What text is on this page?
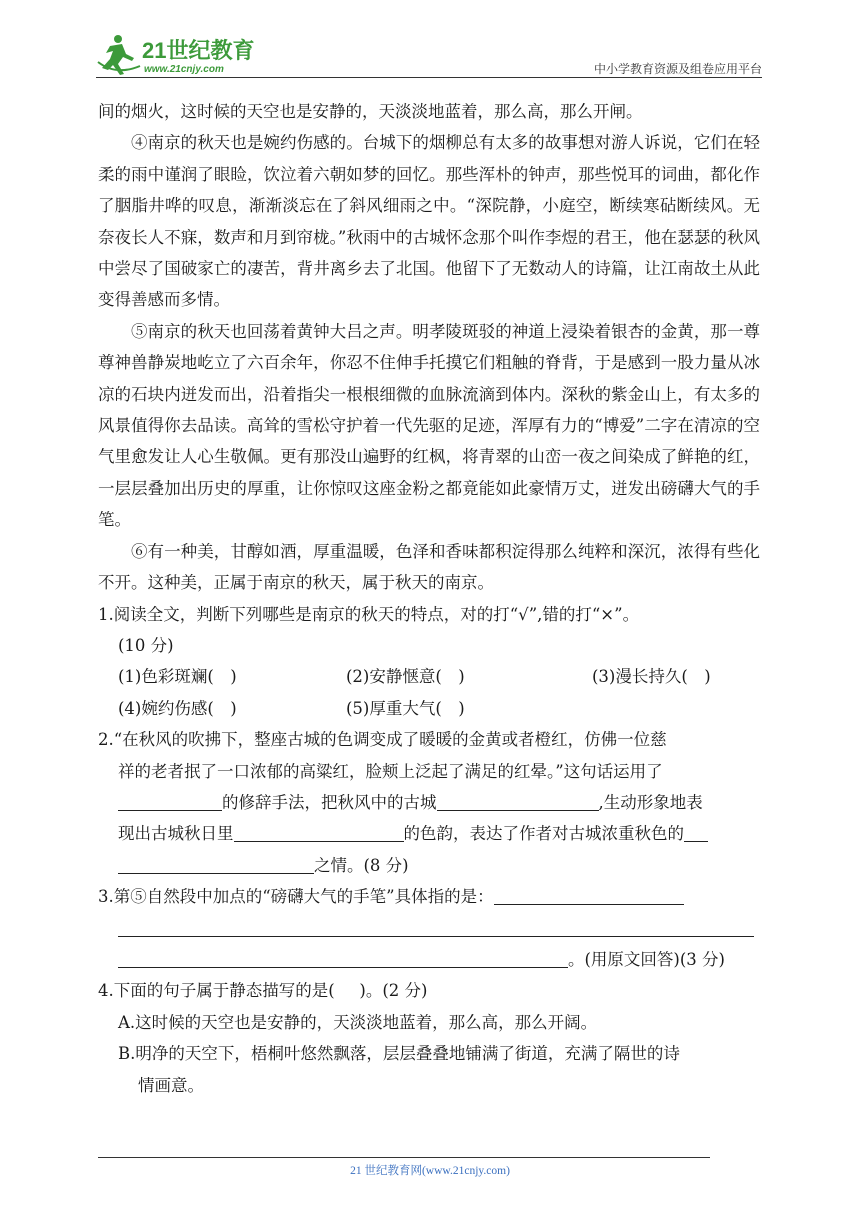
21世纪教育
www.21cnjy.com	中小学教育资源及组卷应用平台

间的烟火，这时候的天空也是安静的，天淡淡地蓝着，那么高，那么开闸。

④南京的秋天也是婉约伤感的。台城下的烟柳总有太多的故事想对游人诉说，它们在轻柔的雨中谨润了眼睑，饮泣着六朝如梦的回忆。那些浑朴的钟声，那些悦耳的词曲，都化作了胭脂井哗的叹息，渐渐淡忘在了斜风细雨之中。“深院静，小庭空，断续寒砧断续风。无奈夜长人不寐，数声和月到帘栊。”秋雨中的古城怀念那个叫作李煜的君王，他在瑟瑟的秋风中尝尽了国破家亡的凄苦，背井离乡去了北国。他留下了无数动人的诗篇，让江南故土从此变得善感而多情。

⑤南京的秋天也回荡着黄钟大吕之声。明孝陵斑驳的神道上浸染着银杏的金黄，那一尊尊神兽静炭地屹立了六百余年，你忍不住伸手托摸它们粗触的脊背，于是感到一股力量从冰凉的石块内迸发而出，沿着指尖一根根细微的血脉流滴到体内。深秋的紫金山上，有太多的风景值得你去品读。高耸的雪松守护着一代先驱的足迹，浑厚有力的“博爱”二字在清凉的空气里愈发让人心生敬佩。更有那没山遍野的红枫，将青翠的山峦一夜之间染成了鲜艳的红，一层层叠加出历史的厚重，让你惊叹这座金粉之都竟能如此豪情万丈，迸发出磅礴大气的手笔。

⑥有一种美，甘醇如酒，厚重温暖，色泽和香味都积淀得那么纯粹和深沉，浓得有些化不开。这种美，正属于南京的秋天，属于秋天的南京。

1.阅读全文，判断下列哪些是南京的秋天的特点，对的打“√”,错的打“×”。

(10 分)

(1)色彩斑斓(  )	(2)安静惬意(  )	(3)漫长持久(  )
(4)婉约伤感(  )	(5)厚重大气(  )

2.“在秋风的吹拂下，整座古城的色调变成了暖暖的金黄或者橙红，仿佛一位慈

祥的老者抿了一口浓郁的高粱红，脸颊上泛起了满足的红晕。”这句话运用了

的修辞手法，把秋风中的古城	,生动形象地表

现出古城秋日里	的色韵，表达了作者对古城浓重秋色的

之情。(8 分)

3.第⑤自然段中加点的“磅礴大气的手笔”具体指的是：

。(用原文回答)(3 分)

4.下面的句子属于静态描写的是(  )。(2 分)

A.这时候的天空也是安静的，天淡淡地蓝着，那么高，那么开阔。

B.明净的天空下，梧桐叶悠然飘落，层层叠叠地铺满了街道，充满了隔世的诗

情画意。

21 世纪教育网(www.21cnjy.com)
